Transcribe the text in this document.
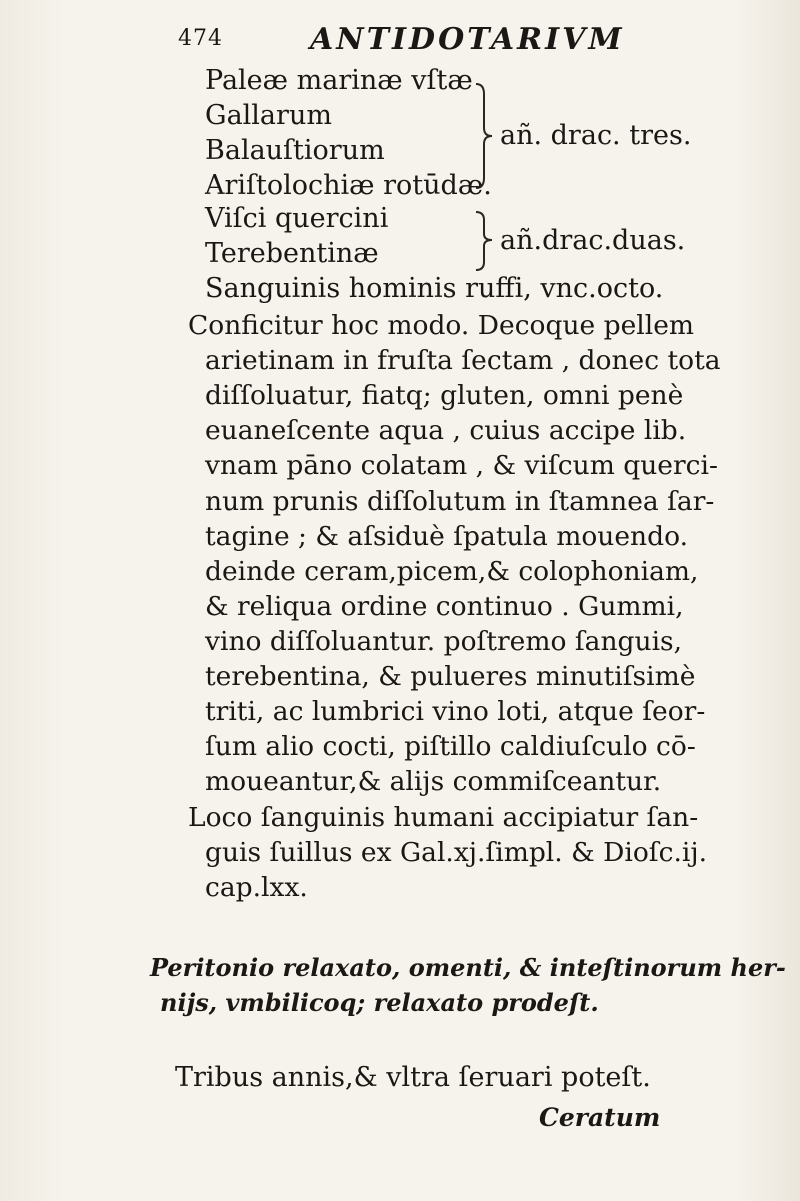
474	ANTIDOTARIVM
Paleæ marinæ vſtæ
Gallarum
Balauſtiorum
Ariſtolochiæ rotūdæ.
añ. drac. tres.
Viſci quercini
Terebentinæ	añ.drac.duas.
Sanguinis hominis ruffi, vnc.octo.
Conficitur hoc modo. Decoque pellem
arietinam in fruſta ſectam , donec tota
diſſoluatur, fiatq; gluten, omni penè
euaneſcente aqua , cuius accipe lib.
vnam pāno colatam , & viſcum querci-
num prunis diſſolutum in ſtamnea ſar-
tagine ; & aſsiduè ſpatula mouendo.
deinde ceram,picem,& colophoniam,
& reliqua ordine continuo . Gummi,
vino diſſoluantur. poſtremo ſanguis,
terebentina, & pulueres minutiſsimè
triti, ac lumbrici vino loti, atque ſeor-
ſum alio cocti, piſtillo caldiuſculo cō-
moueantur,& alijs commiſceantur.
Loco ſanguinis humani accipiatur ſan-
guis ſuillus ex Gal.xj.ſimpl. & Dioſc.ij.
cap.lxx.
Peritonio relaxato, omenti, & inteſtinorum her-
nijs, vmbilicoq; relaxato prodeſt.
Tribus annis,& vltra ſeruari poteſt.
Ceratum
